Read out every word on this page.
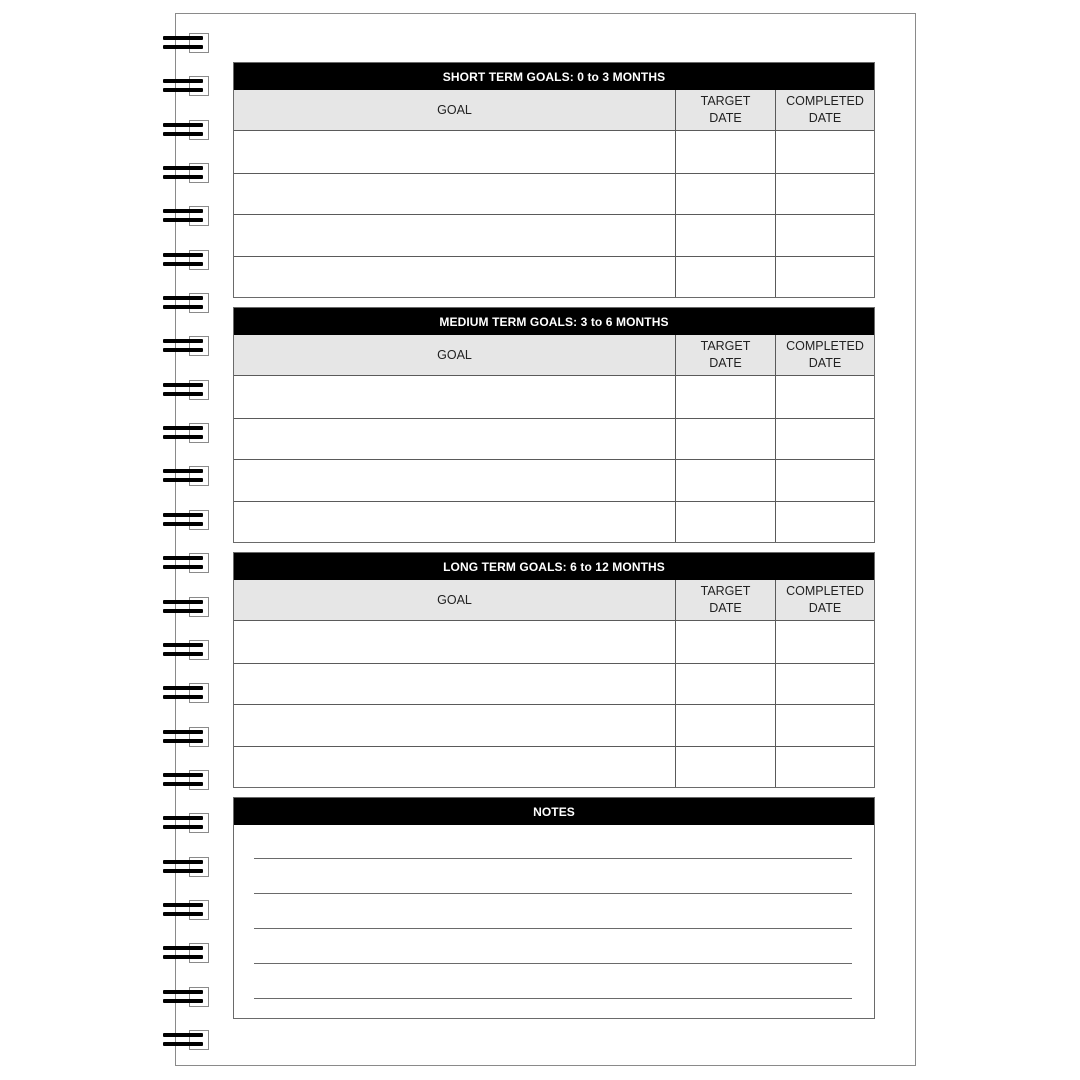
SHORT TERM GOALS: 0 to 3 MONTHS
GOAL
TARGET
DATE
COMPLETED
DATE
MEDIUM TERM GOALS: 3 to 6 MONTHS
GOAL
TARGET
DATE
COMPLETED
DATE
LONG TERM GOALS: 6 to 12 MONTHS
GOAL
TARGET
DATE
COMPLETED
DATE
NOTES
